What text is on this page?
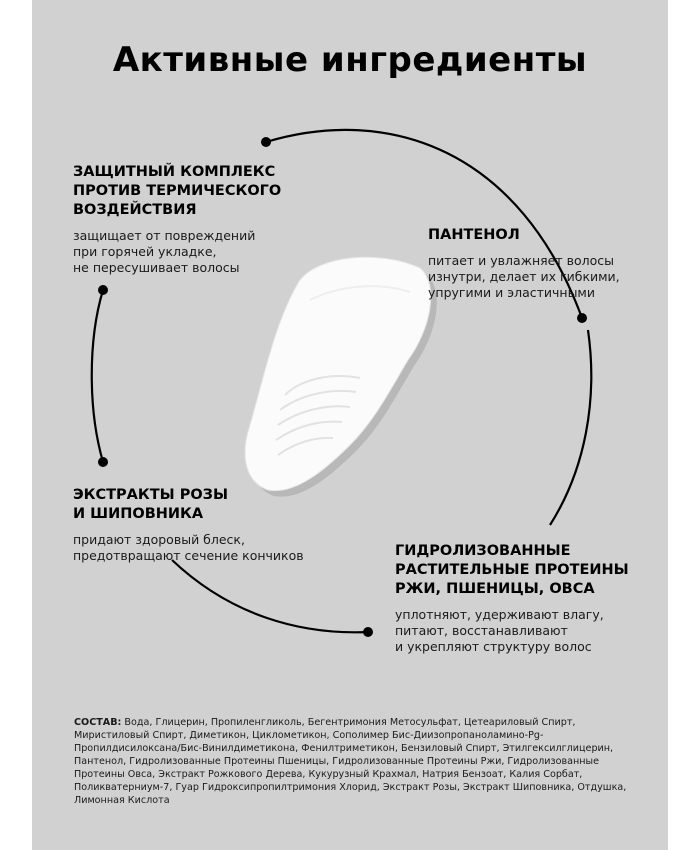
Активные ингредиенты
ЗАЩИТНЫЙ КОМПЛЕКС
ПРОТИВ ТЕРМИЧЕСКОГО
ВОЗДЕЙСТВИЯ
защищает от повреждений
при горячей укладке,
не пересушивает волосы
ПАНТЕНОЛ
питает и увлажняет волосы
изнутри, делает их гибкими,
упругими и эластичными
ЭКСТРАКТЫ РОЗЫ
И ШИПОВНИКА
придают здоровый блеск,
предотвращают сечение кончиков	ГИДРОЛИЗОВАННЫЕ
РАСТИТЕЛЬНЫЕ ПРОТЕИНЫ
РЖИ, ПШЕНИЦЫ, ОВСА
уплотняют, удерживают влагу,
питают, восстанавливают
и укрепляют структуру волос
СОСТАВ: Вода, Глицерин, Пропиленгликоль, Бегентримония Метосульфат, Цетеариловый Спирт, Миристиловый Спирт, Диметикон, Циклометикон, Сополимер Бис-Диизопропаноламино-Pg-Пропилдисилоксана/Бис-Винилдиметикона, Фенилтриметикон, Бензиловый Спирт, Этилгексилглицерин, Пантенол, Гидролизованные Протеины Пшеницы, Гидролизованные Протеины Ржи, Гидролизованные Протеины Овса, Экстракт Рожкового Дерева, Кукурузный Крахмал, Натрия Бензоат, Калия Сорбат, Поликватерниум-7, Гуар Гидроксипропилтримония Хлорид, Экстракт Розы, Экстракт Шиповника, Отдушка, Лимонная Кислота
